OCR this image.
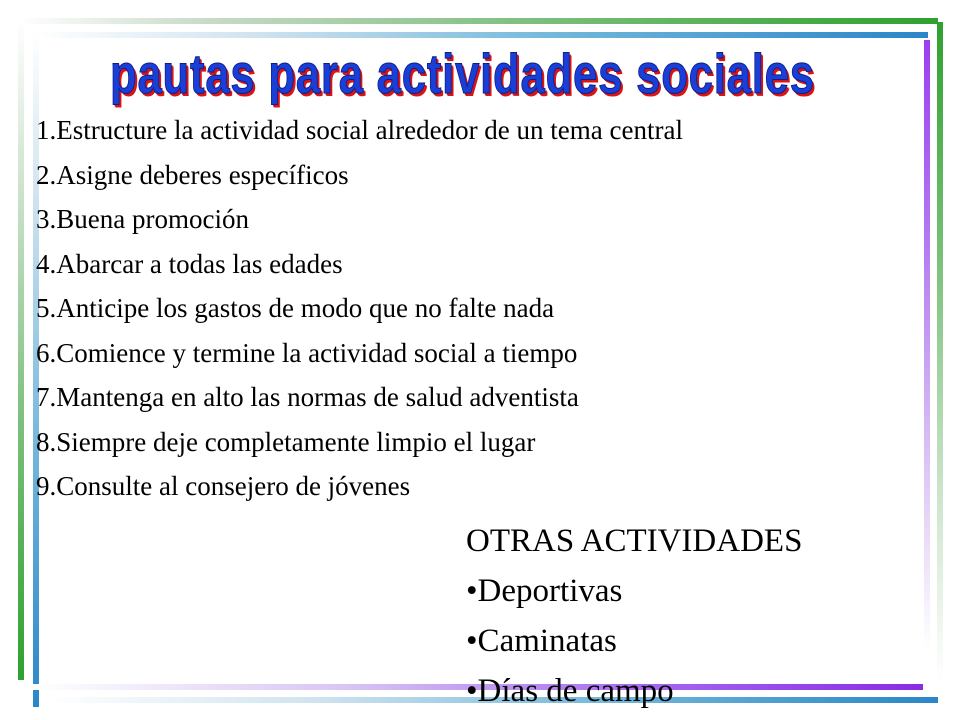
pautas para actividades sociales
1.Estructure la actividad social alrededor de un tema central
2.Asigne deberes específicos
3.Buena promoción
4.Abarcar a todas las edades
5.Anticipe los gastos de modo que no falte nada
6.Comience y termine la actividad social a tiempo
7.Mantenga en alto las normas de salud adventista
8.Siempre deje completamente limpio el lugar
9.Consulte al consejero de jóvenes
OTRAS ACTIVIDADES
•Deportivas
•Caminatas
•Días de campo
